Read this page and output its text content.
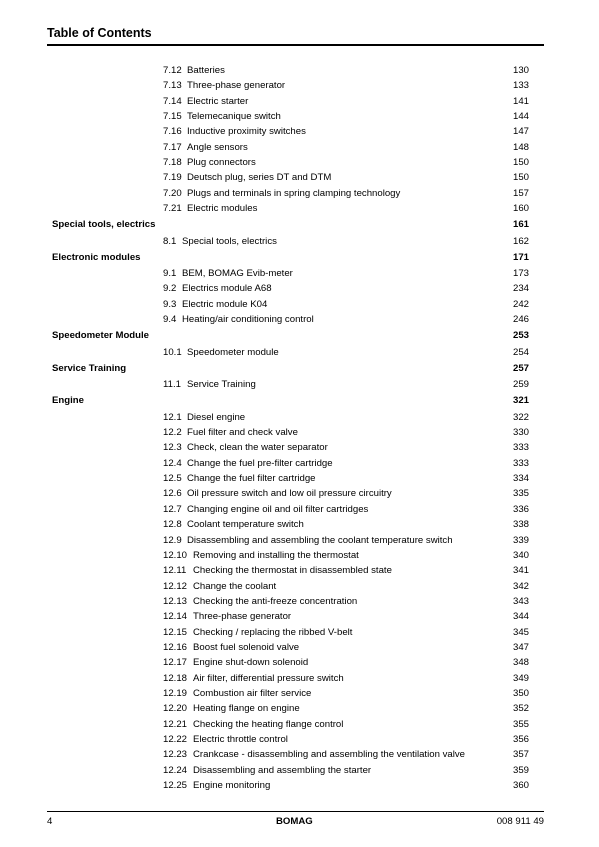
Table of Contents
7.12 Batteries	130
7.13 Three-phase generator	133
7.14 Electric starter	141
7.15 Telemecanique switch	144
7.16 Inductive proximity switches	147
7.17 Angle sensors	148
7.18 Plug connectors	150
7.19 Deutsch plug, series DT and DTM	150
7.20 Plugs and terminals in spring clamping technology	157
7.21 Electric modules	160
Special tools, electrics	161
8.1 Special tools, electrics	162
Electronic modules	171
9.1 BEM, BOMAG Evib-meter	173
9.2 Electrics module A68	234
9.3 Electric module K04	242
9.4 Heating/air conditioning control	246
Speedometer Module	253
10.1 Speedometer module	254
Service Training	257
11.1 Service Training	259
Engine	321
12.1 Diesel engine	322
12.2 Fuel filter and check valve	330
12.3 Check, clean the water separator	333
12.4 Change the fuel pre-filter cartridge	333
12.5 Change the fuel filter cartridge	334
12.6 Oil pressure switch and low oil pressure circuitry	335
12.7 Changing engine oil and oil filter cartridges	336
12.8 Coolant temperature switch	338
12.9 Disassembling and assembling the coolant temperature switch	339
12.10 Removing and installing the thermostat	340
12.11 Checking the thermostat in disassembled state	341
12.12 Change the coolant	342
12.13 Checking the anti-freeze concentration	343
12.14 Three-phase generator	344
12.15 Checking / replacing the ribbed V-belt	345
12.16 Boost fuel solenoid valve	347
12.17 Engine shut-down solenoid	348
12.18 Air filter, differential pressure switch	349
12.19 Combustion air filter service	350
12.20 Heating flange on engine	352
12.21 Checking the heating flange control	355
12.22 Electric throttle control	356
12.23 Crankcase - disassembling and assembling the ventilation valve	357
12.24 Disassembling and assembling the starter	359
12.25 Engine monitoring	360
4	BOMAG	008 911 49
